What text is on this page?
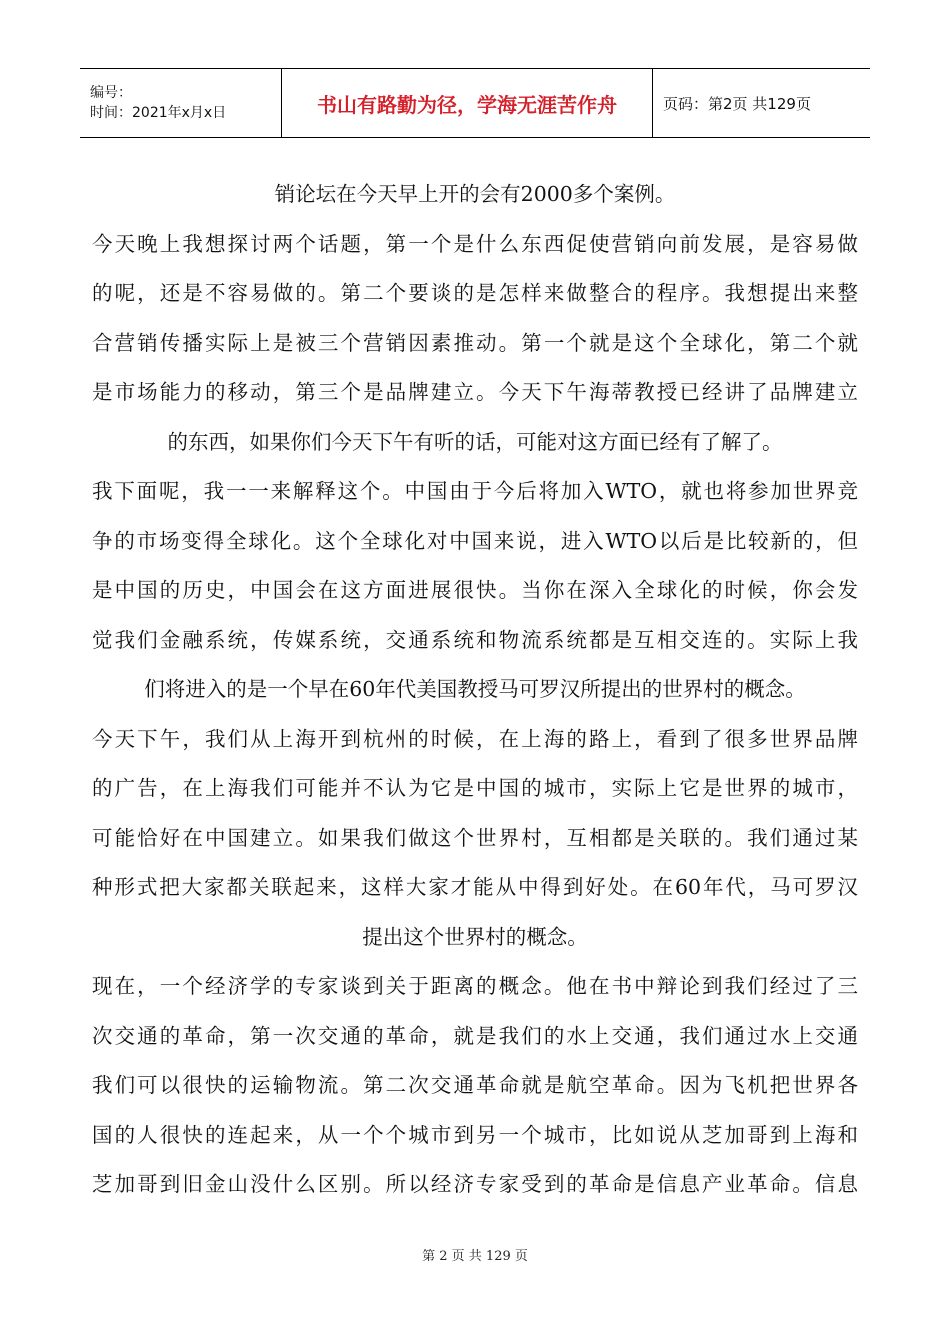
编号：
时间：2021年x月x日	书山有路勤为径，学海无涯苦作舟	页码：第2页 共129页
销论坛在今天早上开的会有2000多个案例。
今天晚上我想探讨两个话题，第一个是什么东西促使营销向前发展，是容易做
的呢，还是不容易做的。第二个要谈的是怎样来做整合的程序。我想提出来整
合营销传播实际上是被三个营销因素推动。第一个就是这个全球化，第二个就
是市场能力的移动，第三个是品牌建立。今天下午海蒂教授已经讲了品牌建立
的东西，如果你们今天下午有听的话，可能对这方面已经有了解了。
我下面呢，我一一来解释这个。中国由于今后将加入WTO，就也将参加世界竞
争的市场变得全球化。这个全球化对中国来说，进入WTO以后是比较新的，但
是中国的历史，中国会在这方面进展很快。当你在深入全球化的时候，你会发
觉我们金融系统，传媒系统，交通系统和物流系统都是互相交连的。实际上我
们将进入的是一个早在60年代美国教授马可罗汉所提出的世界村的概念。
今天下午，我们从上海开到杭州的时候，在上海的路上，看到了很多世界品牌
的广告，在上海我们可能并不认为它是中国的城市，实际上它是世界的城市，
可能恰好在中国建立。如果我们做这个世界村，互相都是关联的。我们通过某
种形式把大家都关联起来，这样大家才能从中得到好处。在60年代，马可罗汉
提出这个世界村的概念。
现在，一个经济学的专家谈到关于距离的概念。他在书中辩论到我们经过了三
次交通的革命，第一次交通的革命，就是我们的水上交通，我们通过水上交通
我们可以很快的运输物流。第二次交通革命就是航空革命。因为飞机把世界各
国的人很快的连起来，从一个个城市到另一个城市，比如说从芝加哥到上海和
芝加哥到旧金山没什么区别。所以经济专家受到的革命是信息产业革命。信息
第 2 页 共 129 页
